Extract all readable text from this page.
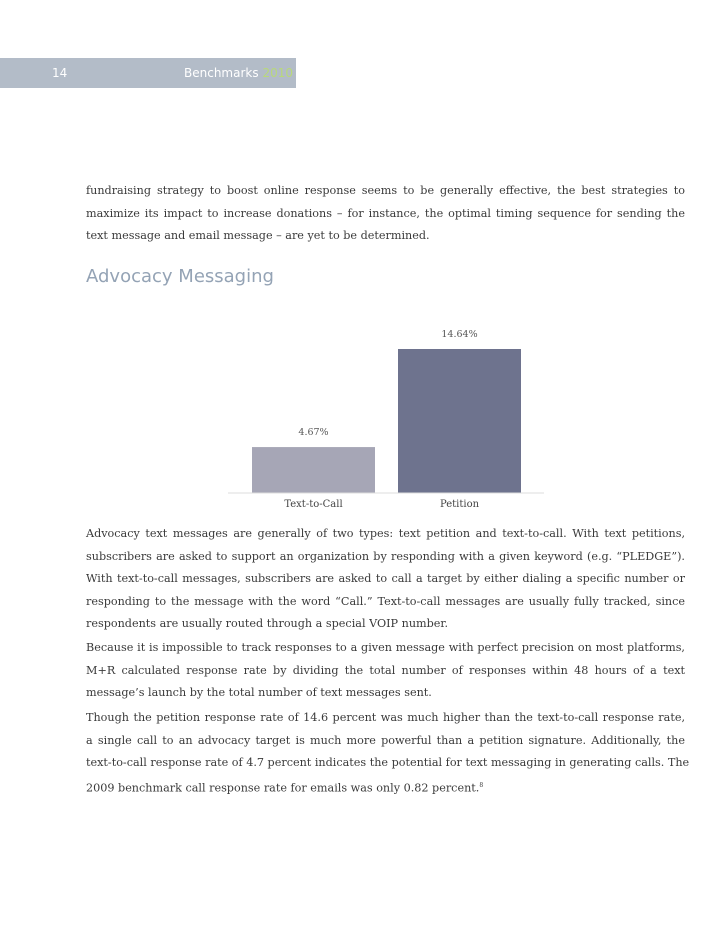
14	Benchmarks 2010

fundraising strategy to boost online response seems to be generally effective, the best strategies to
maximize its impact to increase donations – for instance, the optimal timing sequence for sending the
text message and email message – are yet to be determined.

Advocacy Messaging
4.67%
Text-to-Call
14.64%
Petition

Advocacy text messages are generally of two types: text petition and text-to-call. With text petitions,
subscribers are asked to support an organization by responding with a given keyword (e.g. “PLEDGE”).
With text-to-call messages, subscribers are asked to call a target by either dialing a specific number or
responding to the message with the word “Call.” Text-to-call messages are usually fully tracked, since
respondents are usually routed through a special VOIP number.

Because it is impossible to track responses to a given message with perfect precision on most platforms,
M+R calculated response rate by dividing the total number of responses within 48 hours of a text
message’s launch by the total number of text messages sent.

Though the petition response rate of 14.6 percent was much higher than the text-to-call response rate,
a single call to an advocacy target is much more powerful than a petition signature. Additionally, the
text-to-call response rate of 4.7 percent indicates the potential for text messaging in generating calls. The
2009 benchmark call response rate for emails was only 0.82 percent.$^8$
